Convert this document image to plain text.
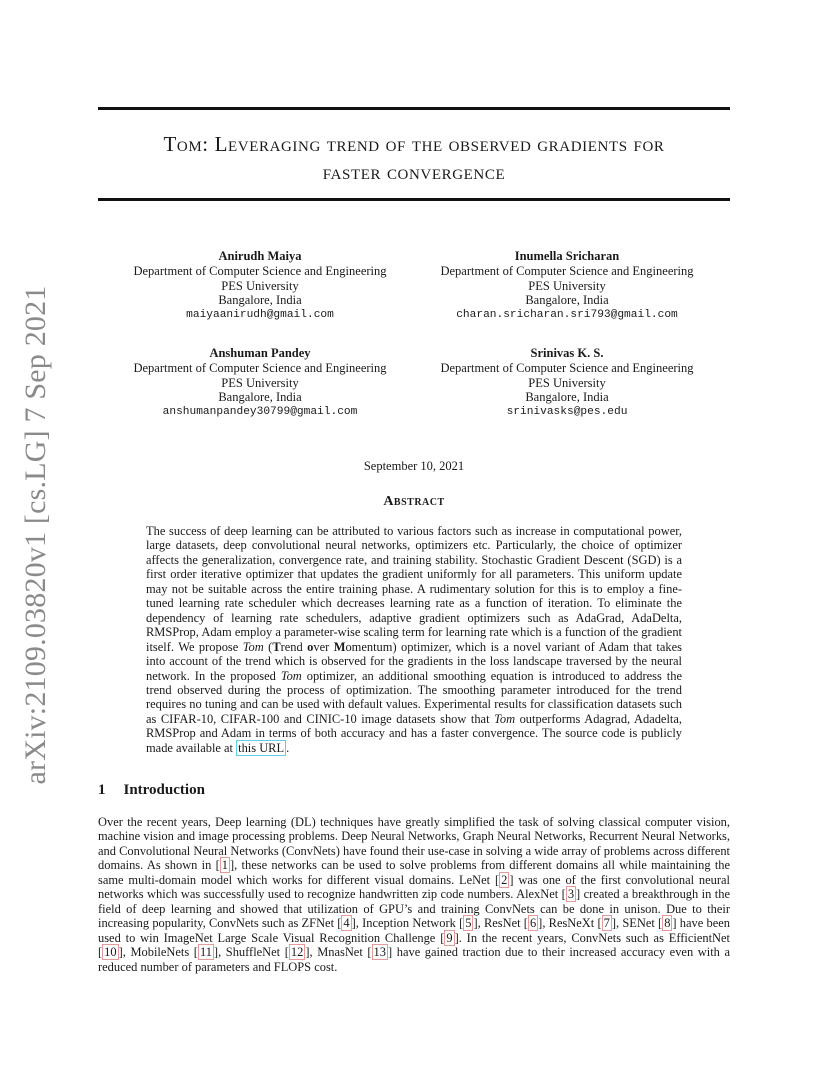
arXiv:2109.03820v1 [cs.LG] 7 Sep 2021
Tom: Leveraging trend of the observed gradients for
faster convergence
Anirudh Maiya
Department of Computer Science and Engineering
PES University
Bangalore, India
maiyaanirudh@gmail.com
Inumella Sricharan
Department of Computer Science and Engineering
PES University
Bangalore, India
charan.sricharan.sri793@gmail.com
Anshuman Pandey
Department of Computer Science and Engineering
PES University
Bangalore, India
anshumanpandey30799@gmail.com
Srinivas K. S.
Department of Computer Science and Engineering
PES University
Bangalore, India
srinivasks@pes.edu
September 10, 2021
Abstract
The success of deep learning can be attributed to various factors such as increase in computational power, large datasets, deep convolutional neural networks, optimizers etc. Particularly, the choice of optimizer affects the generalization, convergence rate, and training stability. Stochastic Gradient Descent (SGD) is a first order iterative optimizer that updates the gradient uniformly for all parameters. This uniform update may not be suitable across the entire training phase. A rudimentary solution for this is to employ a fine-tuned learning rate scheduler which decreases learning rate as a function of iteration. To eliminate the dependency of learning rate schedulers, adaptive gradient optimizers such as AdaGrad, AdaDelta, RMSProp, Adam employ a parameter-wise scaling term for learning rate which is a function of the gradient itself. We propose Tom (Trend over Momentum) optimizer, which is a novel variant of Adam that takes into account of the trend which is observed for the gradients in the loss landscape traversed by the neural network. In the proposed Tom optimizer, an additional smoothing equation is introduced to address the trend observed during the process of optimization. The smoothing parameter introduced for the trend requires no tuning and can be used with default values. Experimental results for classification datasets such as CIFAR-10, CIFAR-100 and CINIC-10 image datasets show that Tom outperforms Adagrad, Adadelta, RMSProp and Adam in terms of both accuracy and has a faster convergence. The source code is publicly made available at this URL .
1 Introduction
Over the recent years, Deep learning (DL) techniques have greatly simplified the task of solving classical computer vision, machine vision and image processing problems. Deep Neural Networks, Graph Neural Networks, Recurrent Neural Networks, and Convolutional Neural Networks (ConvNets) have found their use-case in solving a wide array of problems across different domains. As shown in [ 1 ], these networks can be used to solve problems from different domains all while maintaining the same multi-domain model which works for different visual domains. LeNet [ 2 ] was one of the first convolutional neural networks which was successfully used to recognize handwritten zip code numbers. AlexNet [ 3 ] created a breakthrough in the field of deep learning and showed that utilization of GPU’s and training ConvNets can be done in unison. Due to their increasing popularity, ConvNets such as ZFNet [ 4 ], Inception Network [ 5 ], ResNet [ 6 ], ResNeXt [ 7 ], SENet [ 8 ] have been used to win ImageNet Large Scale Visual Recognition Challenge [ 9 ]. In the recent years, ConvNets such as EfficientNet [ 10 ], MobileNets [ 11 ], ShuffleNet [ 12 ], MnasNet [ 13 ] have gained traction due to their increased accuracy even with a reduced number of parameters and FLOPS cost.
